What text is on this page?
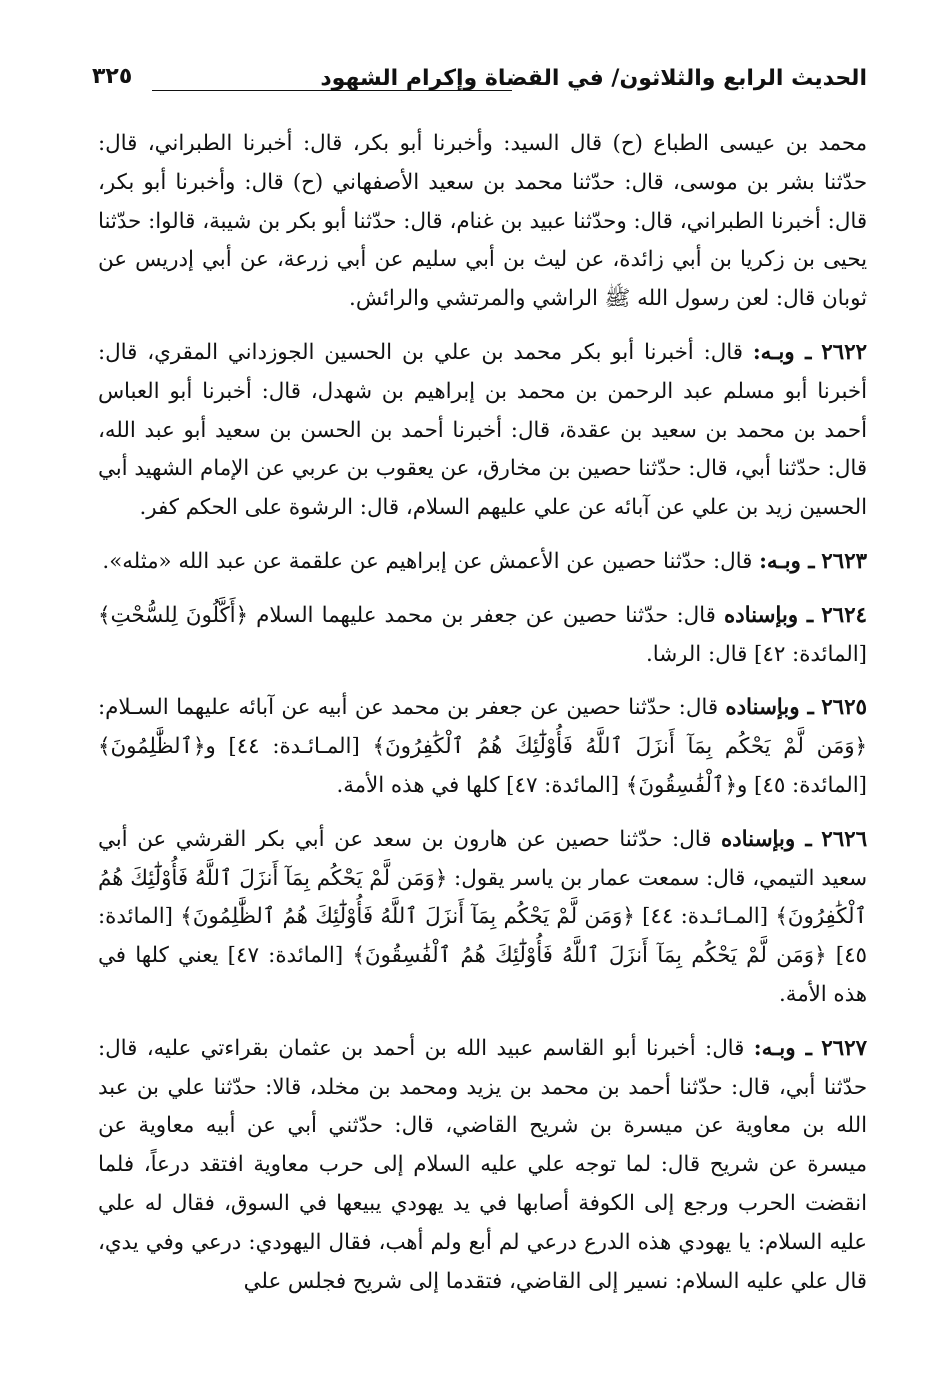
الحديث الرابع والثلاثون/ في القضاة وإكرام الشهود
٣٢٥

محمد بن عيسى الطباع (ح) قال السيد: وأخبرنا أبو بكر، قال: أخبرنا الطبراني، قال: حدّثنا بشر بن موسى، قال: حدّثنا محمد بن سعيد الأصفهاني (ح) قال: وأخبرنا أبو بكر، قال: أخبرنا الطبراني، قال: وحدّثنا عبيد بن غنام، قال: حدّثنا أبو بكر بن شيبة، قالوا: حدّثنا يحيى بن زكريا بن أبي زائدة، عن ليث بن أبي سليم عن أبي زرعة، عن أبي إدريس عن ثوبان قال: لعن رسول الله ﷺ الراشي والمرتشي والرائش.

٢٦٢٢ ـ وبـه: قال: أخبرنا أبو بكر محمد بن علي بن الحسين الجوزداني المقري، قال: أخبرنا أبو مسلم عبد الرحمن بن محمد بن إبراهيم بن شهدل، قال: أخبرنا أبو العباس أحمد بن محمد بن سعيد بن عقدة، قال: أخبرنا أحمد بن الحسن بن سعيد أبو عبد الله، قال: حدّثنا أبي، قال: حدّثنا حصين بن مخارق، عن يعقوب بن عربي عن الإمام الشهيد أبي الحسين زيد بن علي عن آبائه عن علي عليهم السلام، قال: الرشوة على الحكم كفر.

٢٦٢٣ ـ وبـه: قال: حدّثنا حصين عن الأعمش عن إبراهيم عن علقمة عن عبد الله «مثله».

٢٦٢٤ ـ وبإسناده قال: حدّثنا حصين عن جعفر بن محمد عليهما السلام ﴿أَكَّلُونَ لِلسُّحْتِ﴾ [المائدة: ٤٢] قال: الرشا.

٢٦٢٥ ـ وبإسناده قال: حدّثنا حصين عن جعفر بن محمد عن أبيه عن آبائه عليهما السـلام: ﴿وَمَن لَّمْ يَحْكُم بِمَآ أَنزَلَ ٱللَّهُ فَأُوْلَٰٓئِكَ هُمُ ٱلْكَٰفِرُونَ﴾ [المـائـدة: ٤٤] و﴿ٱلظَّٰلِمُونَ﴾ [المائدة: ٤٥] و﴿ٱلْفَٰسِقُونَ﴾ [المائدة: ٤٧] كلها في هذه الأمة.

٢٦٢٦ ـ وبإسناده قال: حدّثنا حصين عن هارون بن سعد عن أبي بكر القرشي عن أبي سعيد التيمي، قال: سمعت عمار بن ياسر يقول: ﴿وَمَن لَّمْ يَحْكُم بِمَآ أَنزَلَ ٱللَّهُ فَأُوْلَٰٓئِكَ هُمُ ٱلْكَٰفِرُونَ﴾ [المـائـدة: ٤٤] ﴿وَمَن لَّمْ يَحْكُم بِمَآ أَنزَلَ ٱللَّهُ فَأُوْلَٰٓئِكَ هُمُ ٱلظَّٰلِمُونَ﴾ [المائدة: ٤٥] ﴿وَمَن لَّمْ يَحْكُم بِمَآ أَنزَلَ ٱللَّهُ فَأُوْلَٰٓئِكَ هُمُ ٱلْفَٰسِقُونَ﴾ [المائدة: ٤٧] يعني كلها في هذه الأمة.

٢٦٢٧ ـ وبـه: قال: أخبرنا أبو القاسم عبيد الله بن أحمد بن عثمان بقراءتي عليه، قال: حدّثنا أبي، قال: حدّثنا أحمد بن محمد بن يزيد ومحمد بن مخلد، قالا: حدّثنا علي بن عبد الله بن معاوية عن ميسرة بن شريح القاضي، قال: حدّثني أبي عن أبيه معاوية عن ميسرة عن شريح قال: لما توجه علي عليه السلام إلى حرب معاوية افتقد درعاً، فلما انقضت الحرب ورجع إلى الكوفة أصابها في يد يهودي يبيعها في السوق، فقال له علي عليه السلام: يا يهودي هذه الدرع درعي لم أبع ولم أهب، فقال اليهودي: درعي وفي يدي، قال علي عليه السلام: نسير إلى القاضي، فتقدما إلى شريح فجلس علي
